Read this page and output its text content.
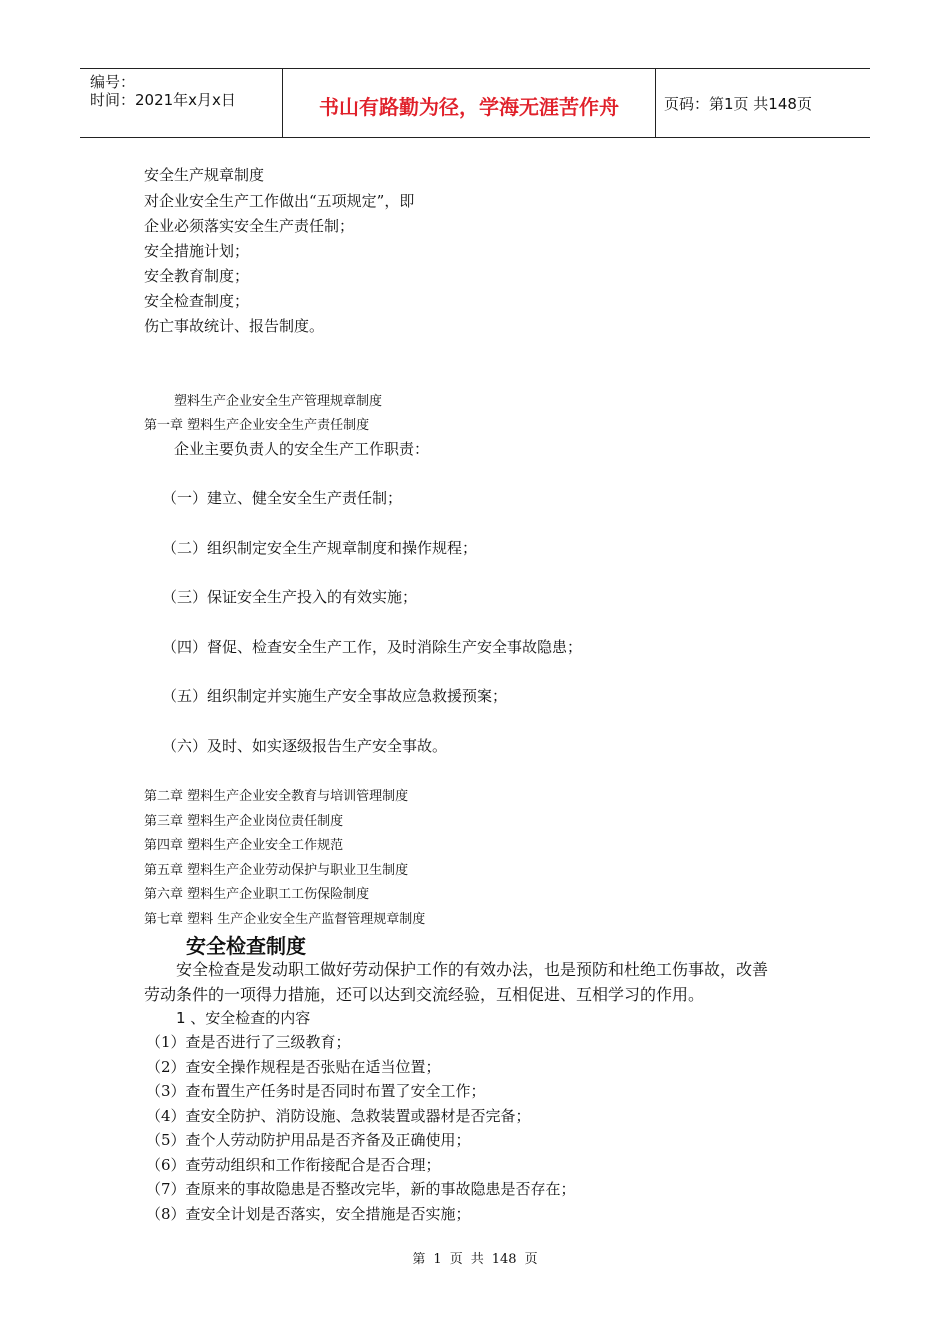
编号：
时间：2021年x月x日	书山有路勤为径，学海无涯苦作舟	页码：第1页 共148页
安全生产规章制度
对企业安全生产工作做出“五项规定”，即
企业必须落实安全生产责任制；
安全措施计划；
安全教育制度；
安全检查制度；
伤亡事故统计、报告制度。
塑料生产企业安全生产管理规章制度
第一章 塑料生产企业安全生产责任制度
企业主要负责人的安全生产工作职责：
（一）建立、健全安全生产责任制；
（二）组织制定安全生产规章制度和操作规程；
（三）保证安全生产投入的有效实施；
（四）督促、检查安全生产工作，及时消除生产安全事故隐患；
（五）组织制定并实施生产安全事故应急救援预案；
（六）及时、如实逐级报告生产安全事故。
第二章 塑料生产企业安全教育与培训管理制度
第三章 塑料生产企业岗位责任制度
第四章 塑料生产企业安全工作规范
第五章 塑料生产企业劳动保护与职业卫生制度
第六章 塑料生产企业职工工伤保险制度
第七章 塑料 生产企业安全生产监督管理规章制度
安全检查制度
安全检查是发动职工做好劳动保护工作的有效办法，也是预防和杜绝工伤事故，改善
劳动条件的一项得力措施，还可以达到交流经验，互相促进、互相学习的作用。
1 、安全检查的内容
（1）查是否进行了三级教育；
（2）查安全操作规程是否张贴在适当位置；
（3）查布置生产任务时是否同时布置了安全工作；
（4）查安全防护、消防设施、急救装置或器材是否完备；
（5）查个人劳动防护用品是否齐备及正确使用；
（6）查劳动组织和工作衔接配合是否合理；
（7）查原来的事故隐患是否整改完毕，新的事故隐患是否存在；
（8）查安全计划是否落实，安全措施是否实施；
第 1 页 共 148 页
